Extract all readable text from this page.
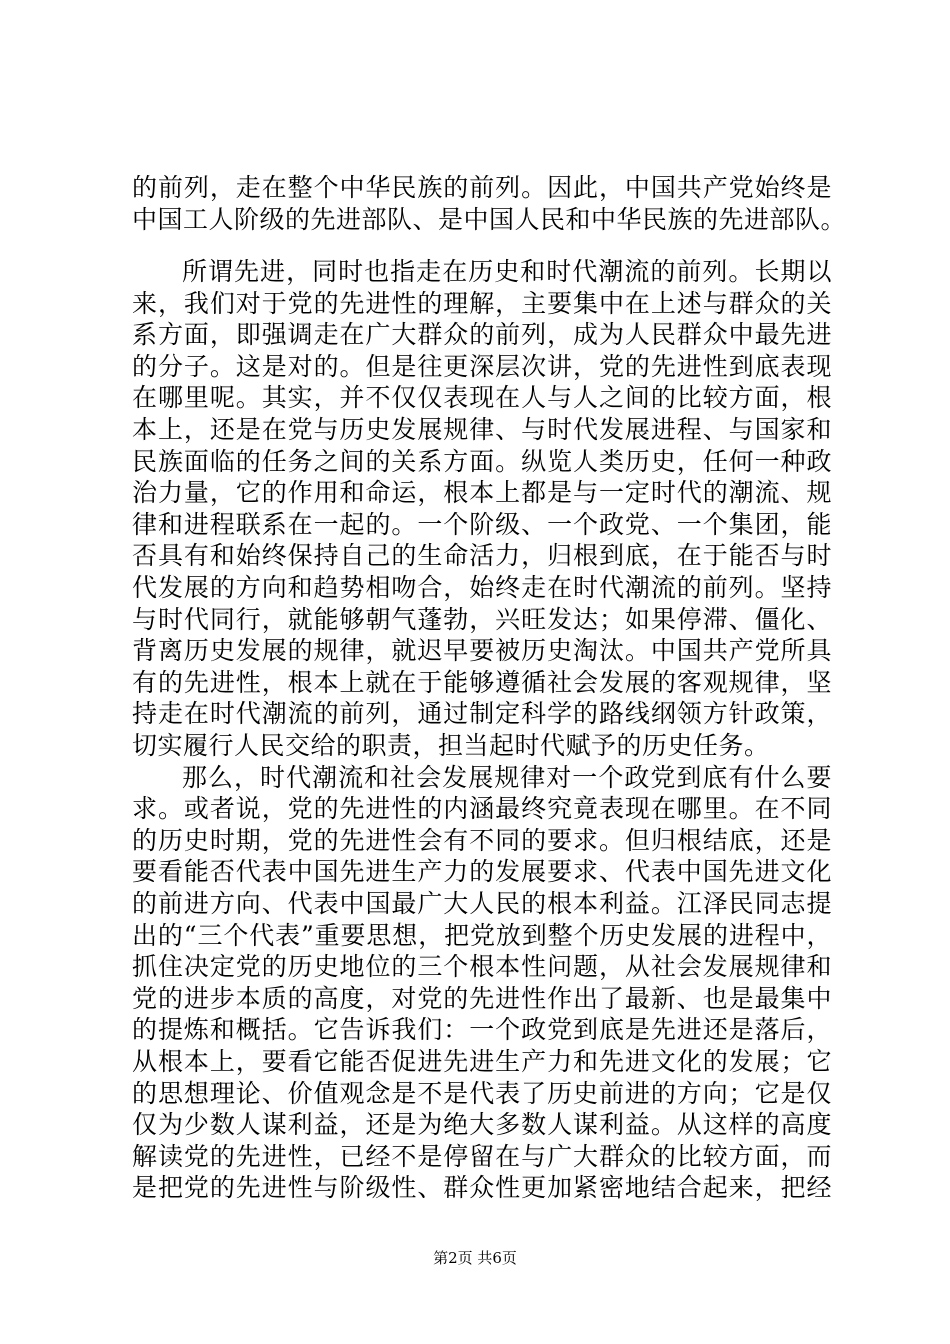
的前列，走在整个中华民族的前列。因此，中国共产党始终是
中国工人阶级的先进部队、是中国人民和中华民族的先进部队。
所谓先进，同时也指走在历史和时代潮流的前列。长期以
来，我们对于党的先进性的理解，主要集中在上述与群众的关
系方面，即强调走在广大群众的前列，成为人民群众中最先进
的分子。这是对的。但是往更深层次讲，党的先进性到底表现
在哪里呢。其实，并不仅仅表现在人与人之间的比较方面，根
本上，还是在党与历史发展规律、与时代发展进程、与国家和
民族面临的任务之间的关系方面。纵览人类历史，任何一种政
治力量，它的作用和命运，根本上都是与一定时代的潮流、规
律和进程联系在一起的。一个阶级、一个政党、一个集团，能
否具有和始终保持自己的生命活力，归根到底，在于能否与时
代发展的方向和趋势相吻合，始终走在时代潮流的前列。坚持
与时代同行，就能够朝气蓬勃，兴旺发达；如果停滞、僵化、
背离历史发展的规律，就迟早要被历史淘汰。中国共产党所具
有的先进性，根本上就在于能够遵循社会发展的客观规律，坚
持走在时代潮流的前列，通过制定科学的路线纲领方针政策，
切实履行人民交给的职责，担当起时代赋予的历史任务。
那么，时代潮流和社会发展规律对一个政党到底有什么要
求。或者说，党的先进性的内涵最终究竟表现在哪里。在不同
的历史时期，党的先进性会有不同的要求。但归根结底，还是
要看能否代表中国先进生产力的发展要求、代表中国先进文化
的前进方向、代表中国最广大人民的根本利益。江泽民同志提
出的“三个代表”重要思想，把党放到整个历史发展的进程中，
抓住决定党的历史地位的三个根本性问题，从社会发展规律和
党的进步本质的高度，对党的先进性作出了最新、也是最集中
的提炼和概括。它告诉我们：一个政党到底是先进还是落后，
从根本上，要看它能否促进先进生产力和先进文化的发展；它
的思想理论、价值观念是不是代表了历史前进的方向；它是仅
仅为少数人谋利益，还是为绝大多数人谋利益。从这样的高度
解读党的先进性，已经不是停留在与广大群众的比较方面，而
是把党的先进性与阶级性、群众性更加紧密地结合起来，把经
第2页 共6页
